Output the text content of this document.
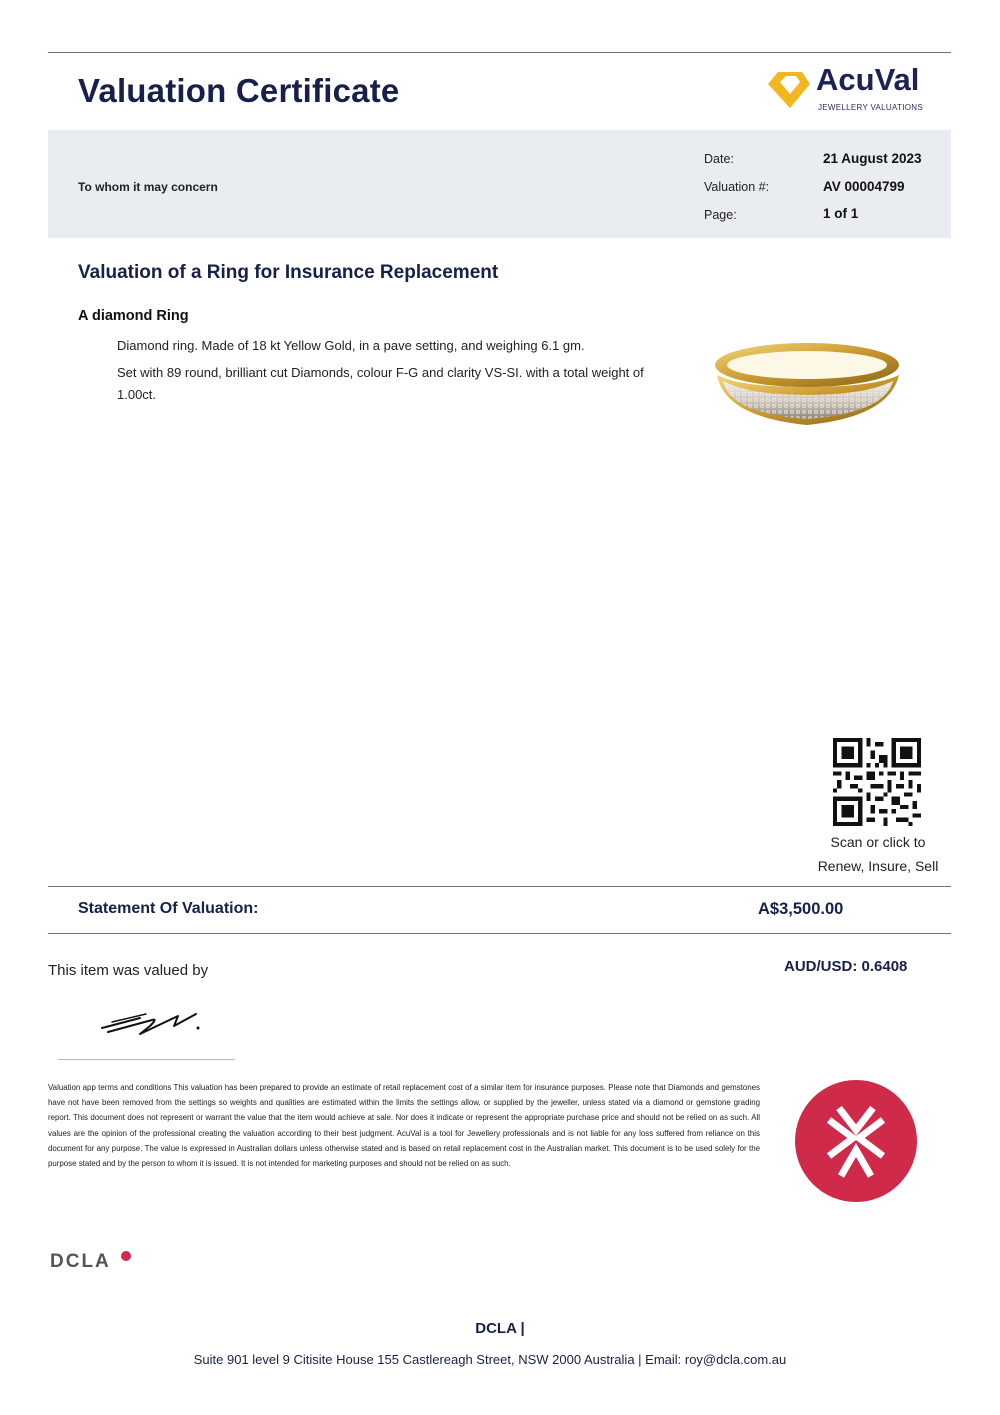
Valuation Certificate	AcuVal
JEWELLERY VALUATIONS
To whom it may concern
Date:	21 August 2023
Valuation #:	AV 00004799
Page:	1 of 1
Valuation of a Ring for Insurance Replacement
A diamond Ring
Diamond ring. Made of 18 kt Yellow Gold, in a pave setting, and weighing 6.1 gm.
Set with 89 round, brilliant cut Diamonds, colour F-G and clarity VS-SI. with a total weight of 1.00ct.
Scan or click to
Renew, Insure, Sell
Statement Of Valuation:	A$3,500.00
This item was valued by	AUD/USD: 0.6408
Valuation app terms and conditions This valuation has been prepared to provide an estimate of retail replacement cost of a similar item for insurance purposes. Please note that Diamonds and gemstones have not have been removed from the settings so weights and qualities are estimated within the limits the settings allow, or supplied by the jeweller, unless stated via a diamond or gemstone grading report. This document does not represent or warrant the value that the item would achieve at sale. Nor does it indicate or represent the appropriate purchase price and should not be relied on as such. All values are the opinion of the professional creating the valuation according to their best judgment. AcuVal is a tool for Jewellery professionals and is not liable for any loss suffered from reliance on this document for any purpose. The value is expressed in Australian dollars unless otherwise stated and is based on retail replacement cost in the Australian market. This document is to be used solely for the purpose stated and by the person to whom it is issued. It is not intended for marketing purposes and should not be relied on as such.
DCLA
DCLA |
Suite 901 level 9 Citisite House 155 Castlereagh Street, NSW 2000 Australia | Email: roy@dcla.com.au
